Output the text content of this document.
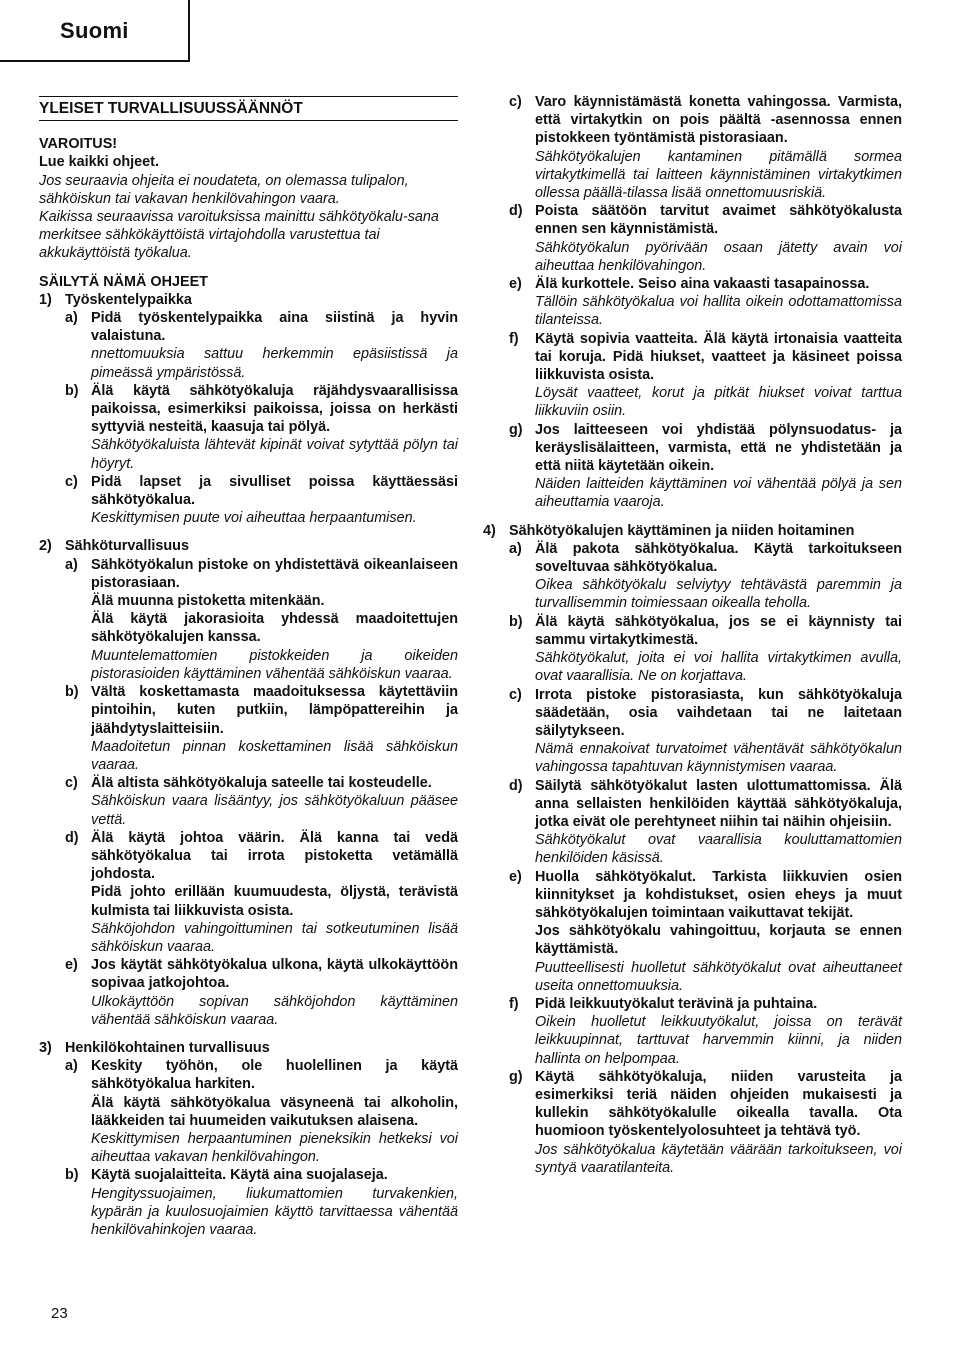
Suomi
YLEISET TURVALLISUUSSÄÄNNÖT

VAROITUS!

Lue kaikki ohjeet.

Jos seuraavia ohjeita ei noudateta, on olemassa tulipalon, sähköiskun tai vakavan henkilövahingon vaara.

Kaikissa seuraavissa varoituksissa mainittu sähkötyökalu-sana merkitsee sähkökäyttöistä virtajohdolla varustettua tai akkukäyttöistä työkalua.

SÄILYTÄ NÄMÄ OHJEET

1) Työskentelypaikka
a) Pidä työskentelypaikka aina siistinä ja hyvin valaistuna.

nnettomuuksia sattuu herkemmin epäsiistissä ja pimeässä ympäristössä.

b) Älä käytä sähkötyökaluja räjähdysvaarallisissa paikoissa, esimerkiksi paikoissa, joissa on herkästi syttyviä nesteitä, kaasuja tai pölyä.

Sähkötyökaluista lähtevät kipinät voivat sytyttää pölyn tai höyryt.

c) Pidä lapset ja sivulliset poissa käyttäessäsi sähkötyökalua.

Keskittymisen puute voi aiheuttaa herpaantumisen.

2) Sähköturvallisuus
a) Sähkötyökalun pistoke on yhdistettävä oikeanlaiseen pistorasiaan.

Älä muunna pistoketta mitenkään.

Älä käytä jakorasioita yhdessä maadoitettujen sähkötyökalujen kanssa.

Muuntelemattomien pistokkeiden ja oikeiden pistorasioiden käyttäminen vähentää sähköiskun vaaraa.

b) Vältä koskettamasta maadoituksessa käytettäviin pintoihin, kuten putkiin, lämpöpattereihin ja jäähdytyslaitteisiin.

Maadoitetun pinnan koskettaminen lisää sähköiskun vaaraa.

c) Älä altista sähkötyökaluja sateelle tai kosteudelle.

Sähköiskun vaara lisääntyy, jos sähkötyökaluun pääsee vettä.

d) Älä käytä johtoa väärin. Älä kanna tai vedä sähkötyökalua tai irrota pistoketta vetämällä johdosta.

Pidä johto erillään kuumuudesta, öljystä, terävistä kulmista tai liikkuvista osista.

Sähköjohdon vahingoittuminen tai sotkeutuminen lisää sähköiskun vaaraa.

e) Jos käytät sähkötyökalua ulkona, käytä ulkokäyttöön sopivaa jatkojohtoa.

Ulkokäyttöön sopivan sähköjohdon käyttäminen vähentää sähköiskun vaaraa.

3) Henkilökohtainen turvallisuus
a) Keskity työhön, ole huolellinen ja käytä sähkötyökalua harkiten.

Älä käytä sähkötyökalua väsyneenä tai alkoholin, lääkkeiden tai huumeiden vaikutuksen alaisena.

Keskittymisen herpaantuminen pieneksikin hetkeksi voi aiheuttaa vakavan henkilövahingon.

b) Käytä suojalaitteita. Käytä aina suojalaseja.

Hengityssuojaimen, liukumattomien turvakenkien, kypärän ja kuulosuojaimien käyttö tarvittaessa vähentää henkilövahinkojen vaaraa.

c) Varo käynnistämästä konetta vahingossa. Varmista, että virtakytkin on pois päältä -asennossa ennen pistokkeen työntämistä pistorasiaan.

Sähkötyökalujen kantaminen pitämällä sormea virtakytkimellä tai laitteen käynnistäminen virtakytkimen ollessa päällä-tilassa lisää onnettomuusriskiä.

d) Poista säätöön tarvitut avaimet sähkötyökalusta ennen sen käynnistämistä.

Sähkötyökalun pyörivään osaan jätetty avain voi aiheuttaa henkilövahingon.

e) Älä kurkottele. Seiso aina vakaasti tasapainossa.

Tällöin sähkötyökalua voi hallita oikein odottamattomissa tilanteissa.

f)	Käytä sopivia vaatteita. Älä käytä irtonaisia vaatteita tai koruja. Pidä hiukset, vaatteet ja käsineet poissa liikkuvista osista.

Löysät vaatteet, korut ja pitkät hiukset voivat tarttua liikkuviin osiin.

g) Jos laitteeseen voi yhdistää pölynsuodatus- ja keräyslisälaitteen, varmista, että ne yhdistetään ja että niitä käytetään oikein.

Näiden laitteiden käyttäminen voi vähentää pölyä ja sen aiheuttamia vaaroja.

4) Sähkötyökalujen käyttäminen ja niiden hoitaminen
a) Älä pakota sähkötyökalua. Käytä tarkoitukseen soveltuvaa sähkötyökalua.

Oikea sähkötyökalu selviytyy tehtävästä paremmin ja turvallisemmin toimiessaan oikealla teholla.

b) Älä käytä sähkötyökalua, jos se ei käynnisty tai sammu virtakytkimestä.

Sähkötyökalut, joita ei voi hallita virtakytkimen avulla, ovat vaarallisia. Ne on korjattava.

c) Irrota pistoke pistorasiasta, kun sähkötyökaluja säädetään, osia vaihdetaan tai ne laitetaan säilytykseen.

Nämä ennakoivat turvatoimet vähentävät sähkötyökalun vahingossa tapahtuvan käynnistymisen vaaraa.

d) Säilytä sähkötyökalut lasten ulottumattomissa. Älä anna sellaisten henkilöiden käyttää sähkötyökaluja, jotka eivät ole perehtyneet niihin tai näihin ohjeisiin.

Sähkötyökalut ovat vaarallisia kouluttamattomien henkilöiden käsissä.

e) Huolla sähkötyökalut. Tarkista liikkuvien osien kiinnitykset ja kohdistukset, osien eheys ja muut sähkötyökalujen toimintaan vaikuttavat tekijät.

Jos sähkötyökalu vahingoittuu, korjauta se ennen käyttämistä.

Puutteellisesti huolletut sähkötyökalut ovat aiheuttaneet useita onnettomuuksia.

f)	Pidä leikkuutyökalut terävinä ja puhtaina.

Oikein huolletut leikkuutyökalut, joissa on terävät leikkuupinnat, tarttuvat harvemmin kiinni, ja niiden hallinta on helpompaa.

g) Käytä sähkötyökaluja, niiden varusteita ja esimerkiksi teriä näiden ohjeiden mukaisesti ja kullekin sähkötyökalulle oikealla tavalla. Ota huomioon työskentelyolosuhteet ja tehtävä työ.

Jos sähkötyökalua käytetään väärään tarkoitukseen, voi syntyä vaaratilanteita.

23
